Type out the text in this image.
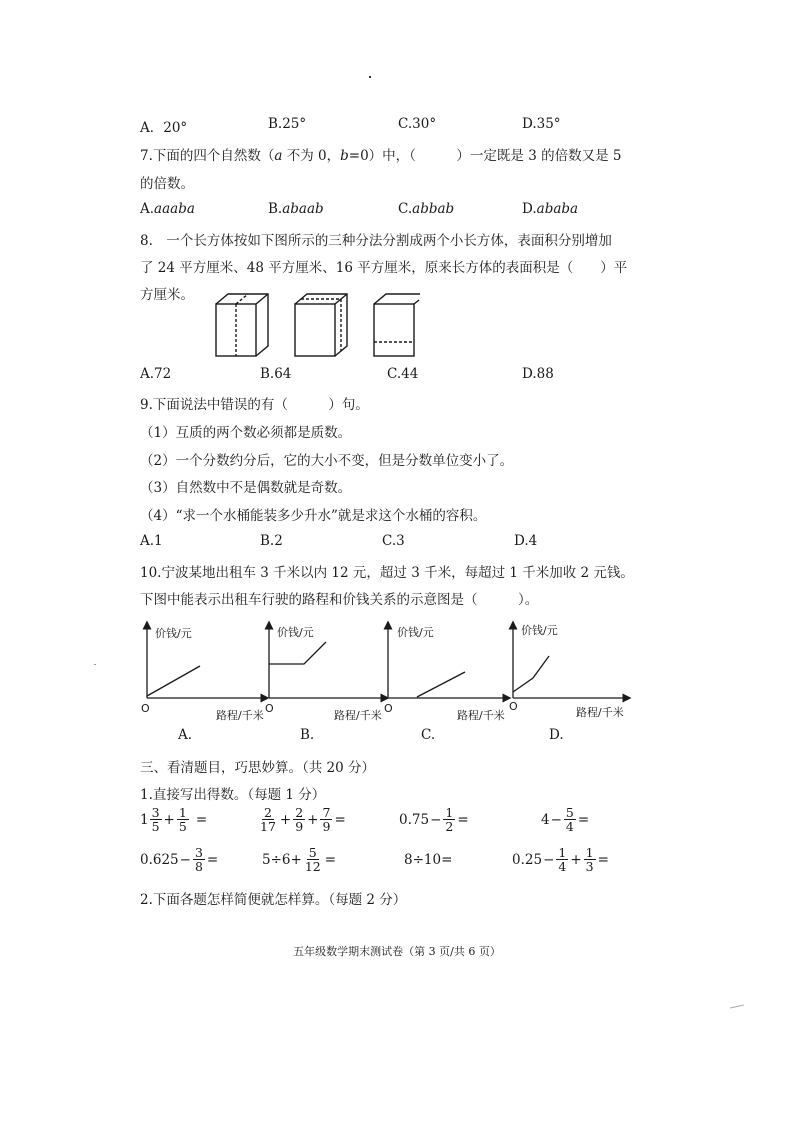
A．20°	B.25°	C.30°	D.35°
7.下面的四个自然数（a 不为 0，b=0）中，（　　　）一定既是 3 的倍数又是 5
的倍数。
A.aaaba	B.abaab	C.abbab	D.ababa
8.　一个长方体按如下图所示的三种分法分割成两个小长方体，表面积分别增加
了 24 平方厘米、48 平方厘米、16 平方厘米，原来长方体的表面积是（　　）平
方厘米。
A.72	B.64	C.44	D.88
9.下面说法中错误的有（　　　）句。
（1）互质的两个数必须都是质数。
（2）一个分数约分后，它的大小不变，但是分数单位变小了。
（3）自然数中不是偶数就是奇数。
（4）“求一个水桶能装多少升水”就是求这个水桶的容积。
A.1	B.2	C.3	D.4
10.宁波某地出租车 3 千米以内 12 元，超过 3 千米，每超过 1 千米加收 2 元钱。
下图中能表示出租车行驶的路程和价钱关系的示意图是（　　　）。
价钱/元	价钱/元	价钱/元	价钱/元
O	O	O	O
路程/千米	路程/千米	路程/千米	路程/千米
A.	B.	C.	D.
三、看清题目，巧思妙算。（共 20 分）
1.直接写出得数。（每题 1 分）
$1 \frac{3}{5} + \frac{1}{5}$ =	$\frac{2}{17} + \frac{2}{9} + \frac{7}{9}$ =	$0.75 - \frac{1}{2}$ =	$4 - \frac{5}{4}$ =
$0.625 - \frac{3}{8}$ =	$5\div 6+ \frac{5}{12}$ =	8÷10=	$0.25 - \frac{1}{4} + \frac{1}{3}$ =
2.下面各题怎样简便就怎样算。（每题 2 分）
五年级数学期末测试卷（第 3 页/共 6 页）
